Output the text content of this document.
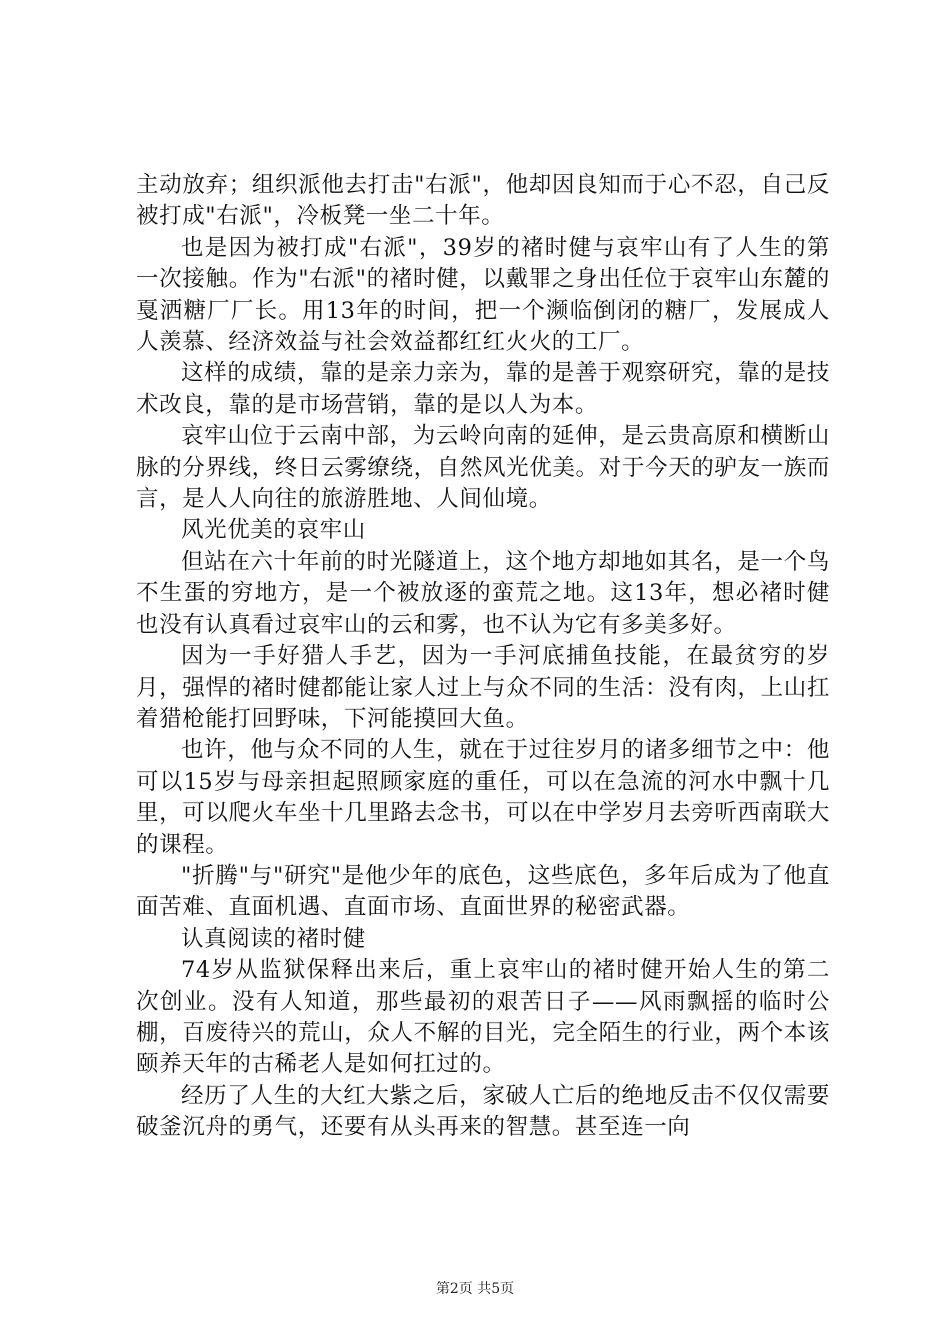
主动放弃；组织派他去打击"右派"，他却因良知而于心不忍，自己反被打成"右派"，冷板凳一坐二十年。

也是因为被打成"右派"，39岁的褚时健与哀牢山有了人生的第一次接触。作为"右派"的褚时健，以戴罪之身出任位于哀牢山东麓的戛洒糖厂厂长。用13年的时间，把一个濒临倒闭的糖厂，发展成人人羡慕、经济效益与社会效益都红红火火的工厂。

这样的成绩，靠的是亲力亲为，靠的是善于观察研究，靠的是技术改良，靠的是市场营销，靠的是以人为本。

哀牢山位于云南中部，为云岭向南的延伸，是云贵高原和横断山脉的分界线，终日云雾缭绕，自然风光优美。对于今天的驴友一族而言，是人人向往的旅游胜地、人间仙境。

风光优美的哀牢山

但站在六十年前的时光隧道上，这个地方却地如其名，是一个鸟不生蛋的穷地方，是一个被放逐的蛮荒之地。这13年，想必褚时健也没有认真看过哀牢山的云和雾，也不认为它有多美多好。

因为一手好猎人手艺，因为一手河底捕鱼技能，在最贫穷的岁月，强悍的褚时健都能让家人过上与众不同的生活：没有肉，上山扛着猎枪能打回野味，下河能摸回大鱼。

也许，他与众不同的人生，就在于过往岁月的诸多细节之中：他可以15岁与母亲担起照顾家庭的重任，可以在急流的河水中飘十几里，可以爬火车坐十几里路去念书，可以在中学岁月去旁听西南联大的课程。

"折腾"与"研究"是他少年的底色，这些底色，多年后成为了他直面苦难、直面机遇、直面市场、直面世界的秘密武器。

认真阅读的褚时健

74岁从监狱保释出来后，重上哀牢山的褚时健开始人生的第二次创业。没有人知道，那些最初的艰苦日子——风雨飘摇的临时公棚，百废待兴的荒山，众人不解的目光，完全陌生的行业，两个本该颐养天年的古稀老人是如何扛过的。

经历了人生的大红大紫之后，家破人亡后的绝地反击不仅仅需要破釜沉舟的勇气，还要有从头再来的智慧。甚至连一向

第2页 共5页
